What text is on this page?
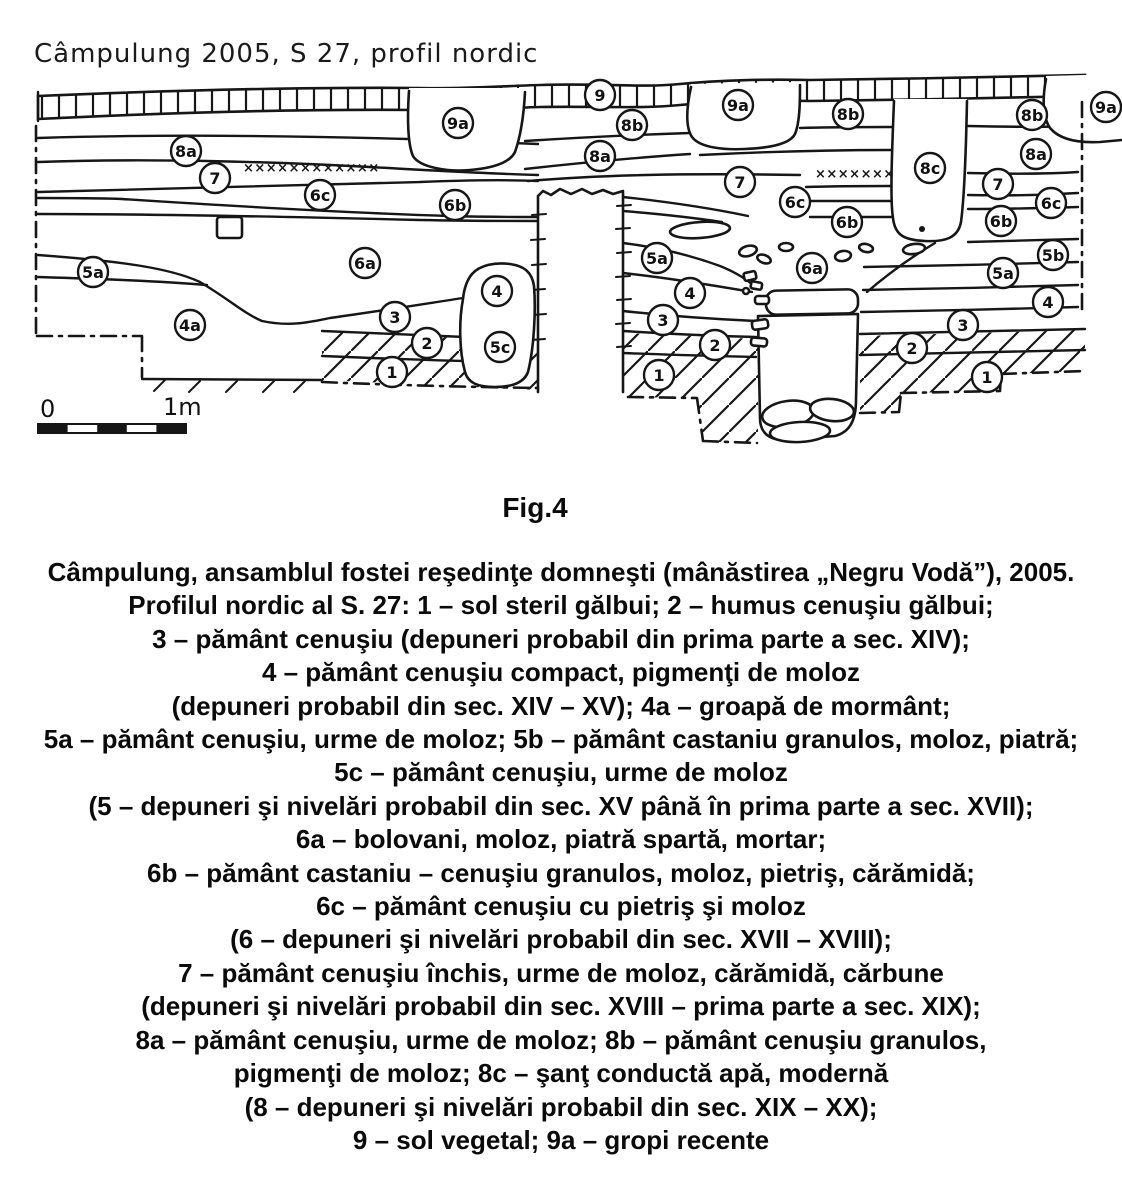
Câmpulung 2005, S 27, profil nordic
××××××××××××	×××××××
9
9a
9a	9a
8a	8a	8a
8b
8b	8b
8c
7	7	7
6c	6c	6c
6b
6b	6b
6a	6a
5a
5a
5a
5b
5c
4	4	4
4a	3	3	3
2	2	2
1	1	1
0	1m
Fig.4
Câmpulung, ansamblul fostei reşedinţe domneşti (mânăstirea „Negru Vodă”), 2005.
Profilul nordic al S. 27: 1 – sol steril gălbui; 2 – humus cenuşiu gălbui;
3 – pământ cenuşiu (depuneri probabil din prima parte a sec. XIV);
4 – pământ cenuşiu compact, pigmenţi de moloz
(depuneri probabil din sec. XIV – XV); 4a – groapă de mormânt;
5a – pământ cenuşiu, urme de moloz; 5b – pământ castaniu granulos, moloz, piatră;
5c – pământ cenuşiu, urme de moloz
(5 – depuneri şi nivelări probabil din sec. XV până în prima parte a sec. XVII);
6a – bolovani, moloz, piatră spartă, mortar;
6b – pământ castaniu – cenuşiu granulos, moloz, pietriş, cărămidă;
6c – pământ cenuşiu cu pietriş şi moloz
(6 – depuneri şi nivelări probabil din sec. XVII – XVIII);
7 – pământ cenuşiu închis, urme de moloz, cărămidă, cărbune
(depuneri şi nivelări probabil din sec. XVIII – prima parte a sec. XIX);
8a – pământ cenuşiu, urme de moloz; 8b – pământ cenuşiu granulos,
pigmenţi de moloz; 8c – şanţ conductă apă, modernă
(8 – depuneri şi nivelări probabil din sec. XIX – XX);
9 – sol vegetal; 9a – gropi recente
